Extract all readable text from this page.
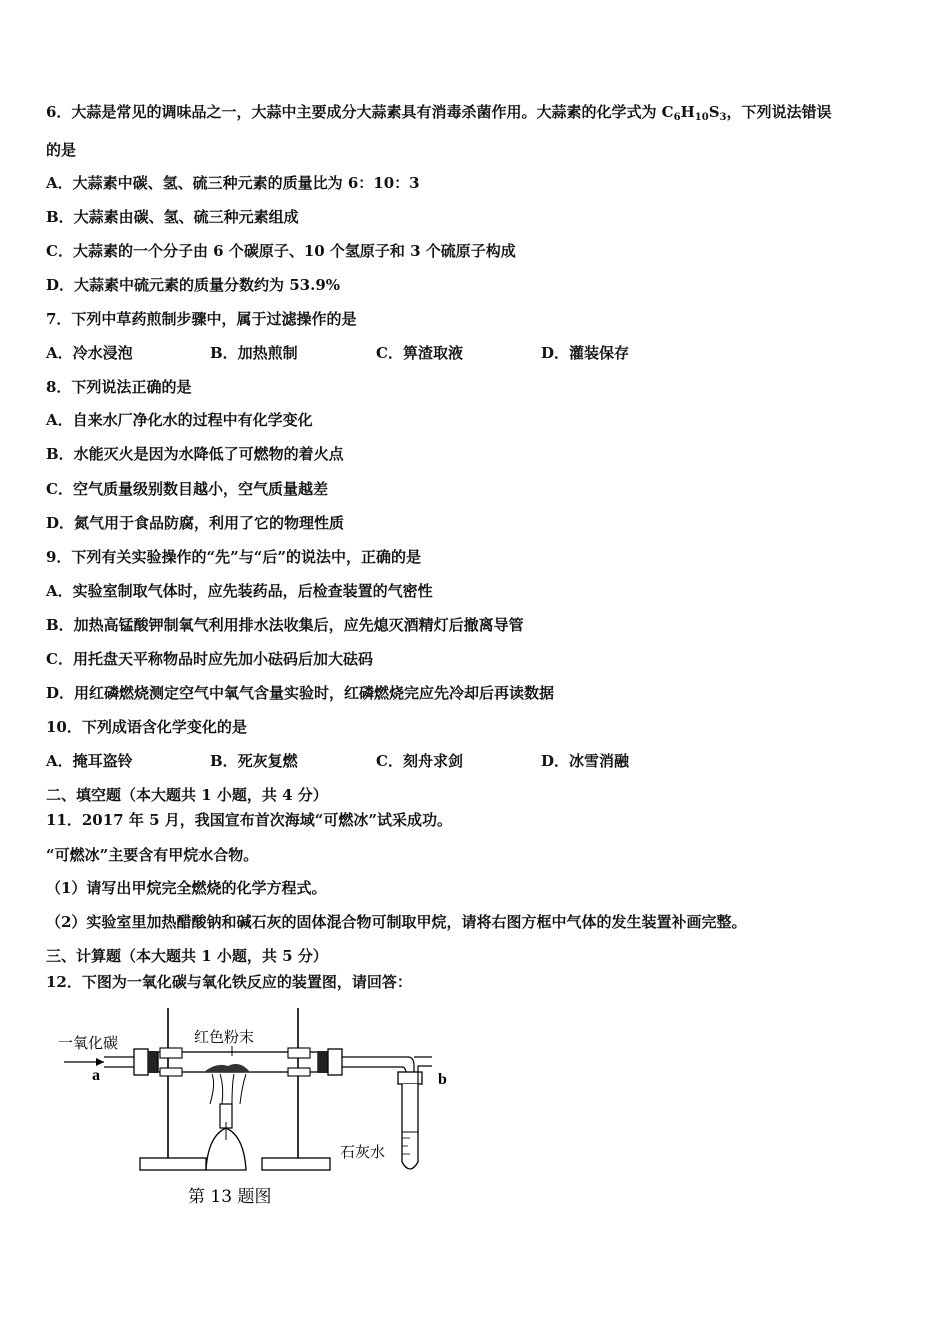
6．大蒜是常见的调味品之一，大蒜中主要成分大蒜素具有消毒杀菌作用。大蒜素的化学式为 $C_6H_{10}S_3$，下列说法错误
的是
A．大蒜素中碳、氢、硫三种元素的质量比为 6：10：3
B．大蒜素由碳、氢、硫三种元素组成
C．大蒜素的一个分子由 6 个碳原子、10 个氢原子和 3 个硫原子构成
D．大蒜素中硫元素的质量分数约为 53.9%
7．下列中草药煎制步骤中，属于过滤操作的是
A．冷水浸泡	B．加热煎制	C．箅渣取液	D．灌装保存
8．下列说法正确的是
A．自来水厂净化水的过程中有化学变化
B．水能灭火是因为水降低了可燃物的着火点
C．空气质量级别数目越小，空气质量越差
D．氮气用于食品防腐，利用了它的物理性质
9．下列有关实验操作的“先”与“后”的说法中，正确的是
A．实验室制取气体时，应先装药品，后检查装置的气密性
B．加热高锰酸钾制氧气利用排水法收集后，应先熄灭酒精灯后撤离导管
C．用托盘天平称物品时应先加小砝码后加大砝码
D．用红磷燃烧测定空气中氧气含量实验时，红磷燃烧完应先冷却后再读数据
10．下列成语含化学变化的是
A．掩耳盗铃	B．死灰复燃	C．刻舟求剑	D．冰雪消融
二、填空题（本大题共 1 小题，共 4 分）
11．2017 年 5 月，我国宣布首次海域“可燃冰”试采成功。
“可燃冰”主要含有甲烷水合物。
（1）请写出甲烷完全燃烧的化学方程式。
（2）实验室里加热醋酸钠和碱石灰的固体混合物可制取甲烷，请将右图方框中气体的发生装置补画完整。
三、计算题（本大题共 1 小题，共 5 分）
12．下图为一氧化碳与氧化铁反应的装置图，请回答：
一氧化碳
a	b
石灰水
红色粉末
第 13 题图
